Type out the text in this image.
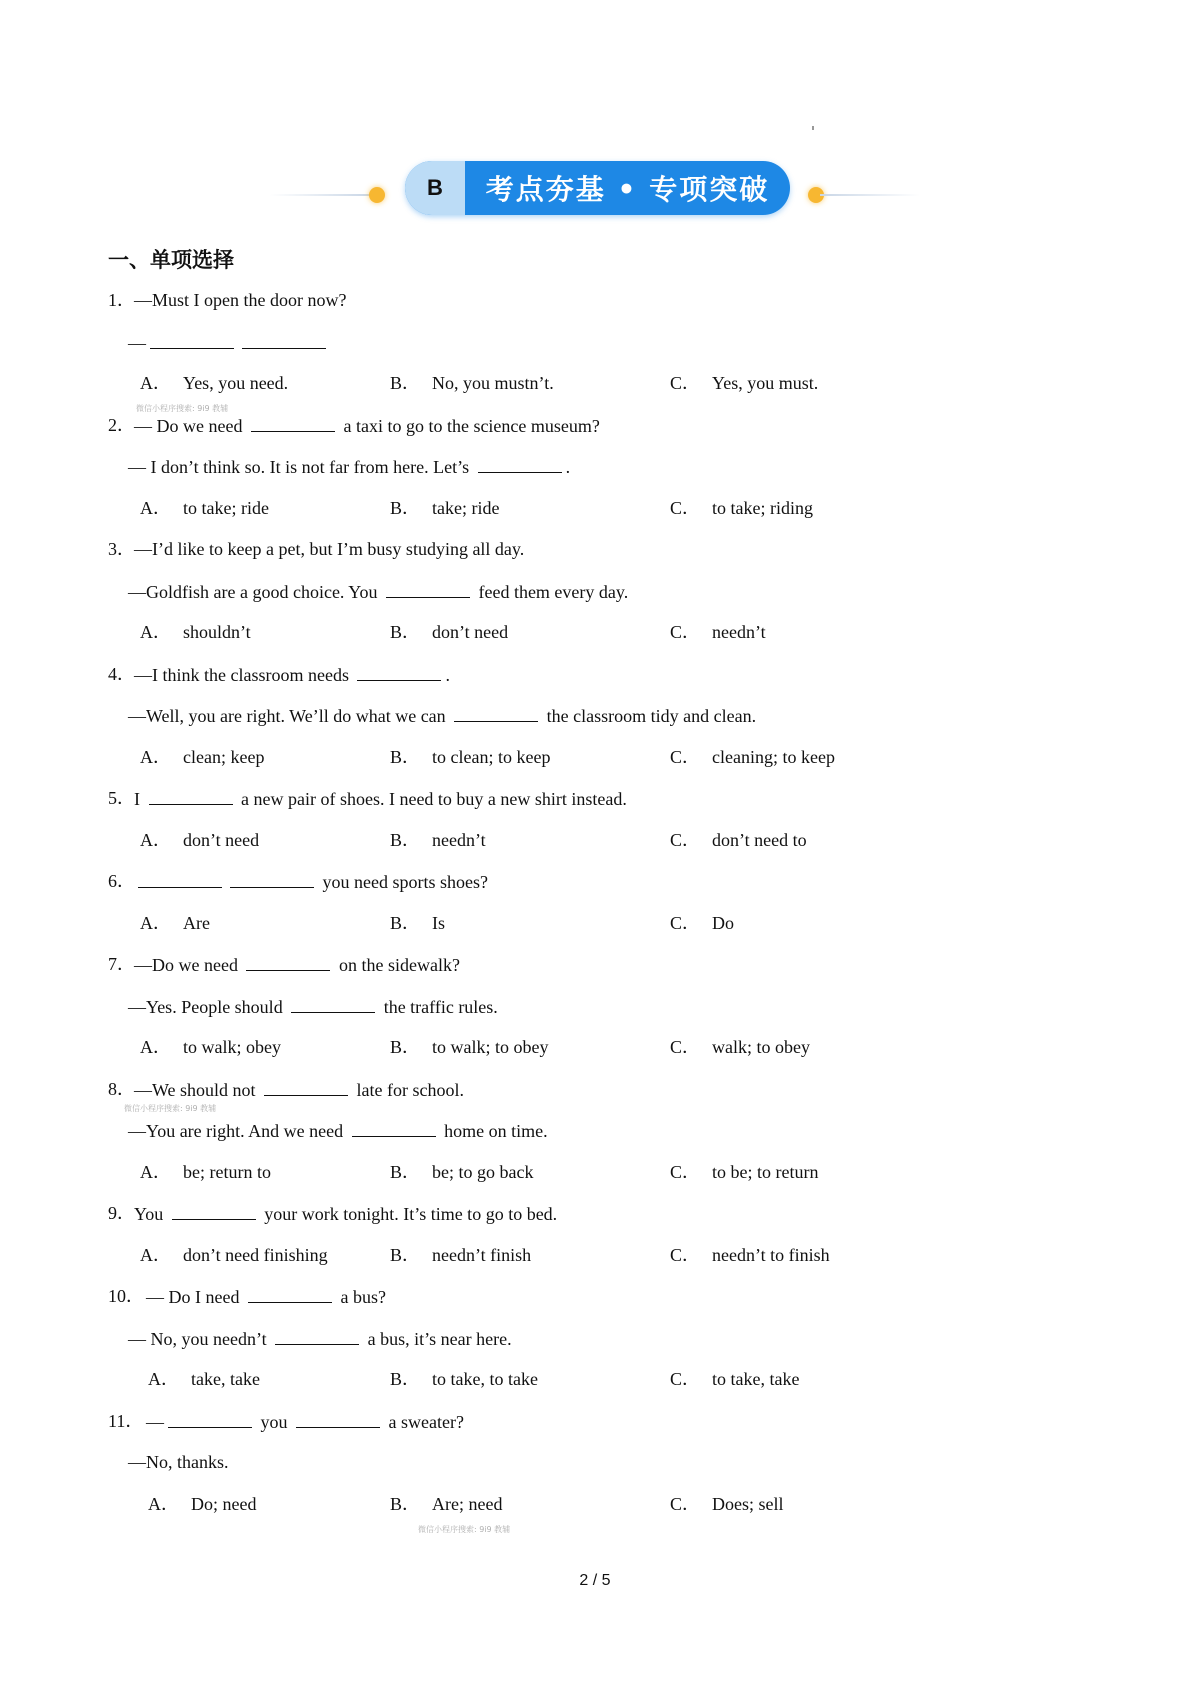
B	考点夯基 • 专项突破
一、单项选择
1． —Must I open the door now?
—
A． Yes, you need.	B． No, you mustn’t.	C． Yes, you must.
2． — Do we need	a taxi to go to the science museum?
— I don’t think so. It is not far from here. Let’s	.
A． to take; ride	B． take; ride	C． to take; riding
3． —I’d like to keep a pet, but I’m busy studying all day.
—Goldfish are a good choice. You	feed them every day.
A． shouldn’t	B． don’t need	C． needn’t
4． —I think the classroom needs	.
—Well, you are right. We’ll do what we can	the classroom tidy and clean.
A． clean; keep	B． to clean; to keep	C． cleaning; to keep
5． I	a new pair of shoes. I need to buy a new shirt instead.
A． don’t need	B． needn’t	C． don’t need to
6．	you need sports shoes?
A． Are	B． Is	C． Do
7． —Do we need	on the sidewalk?
—Yes. People should	the traffic rules.
A． to walk; obey	B． to walk; to obey	C． walk; to obey
8． —We should not	late for school.
—You are right. And we need	home on time.
A． be; return to	B． be; to go back	C． to be; to return
9． You	your work tonight. It’s time to go to bed.
A． don’t need finishing	B． needn’t finish	C． needn’t to finish
10． — Do I need	a bus?
— No, you needn’t	a bus, it’s near here.
A． take, take	B． to take, to take	C． to take, take
11． —	you	a sweater?
—No, thanks.
A． Do; need	B． Are; need	C． Does; sell
微信小程序搜索: 9i9 教辅
微信小程序搜索: 9i9 教辅
微信小程序搜索: 9i9 教辅
2 / 5
